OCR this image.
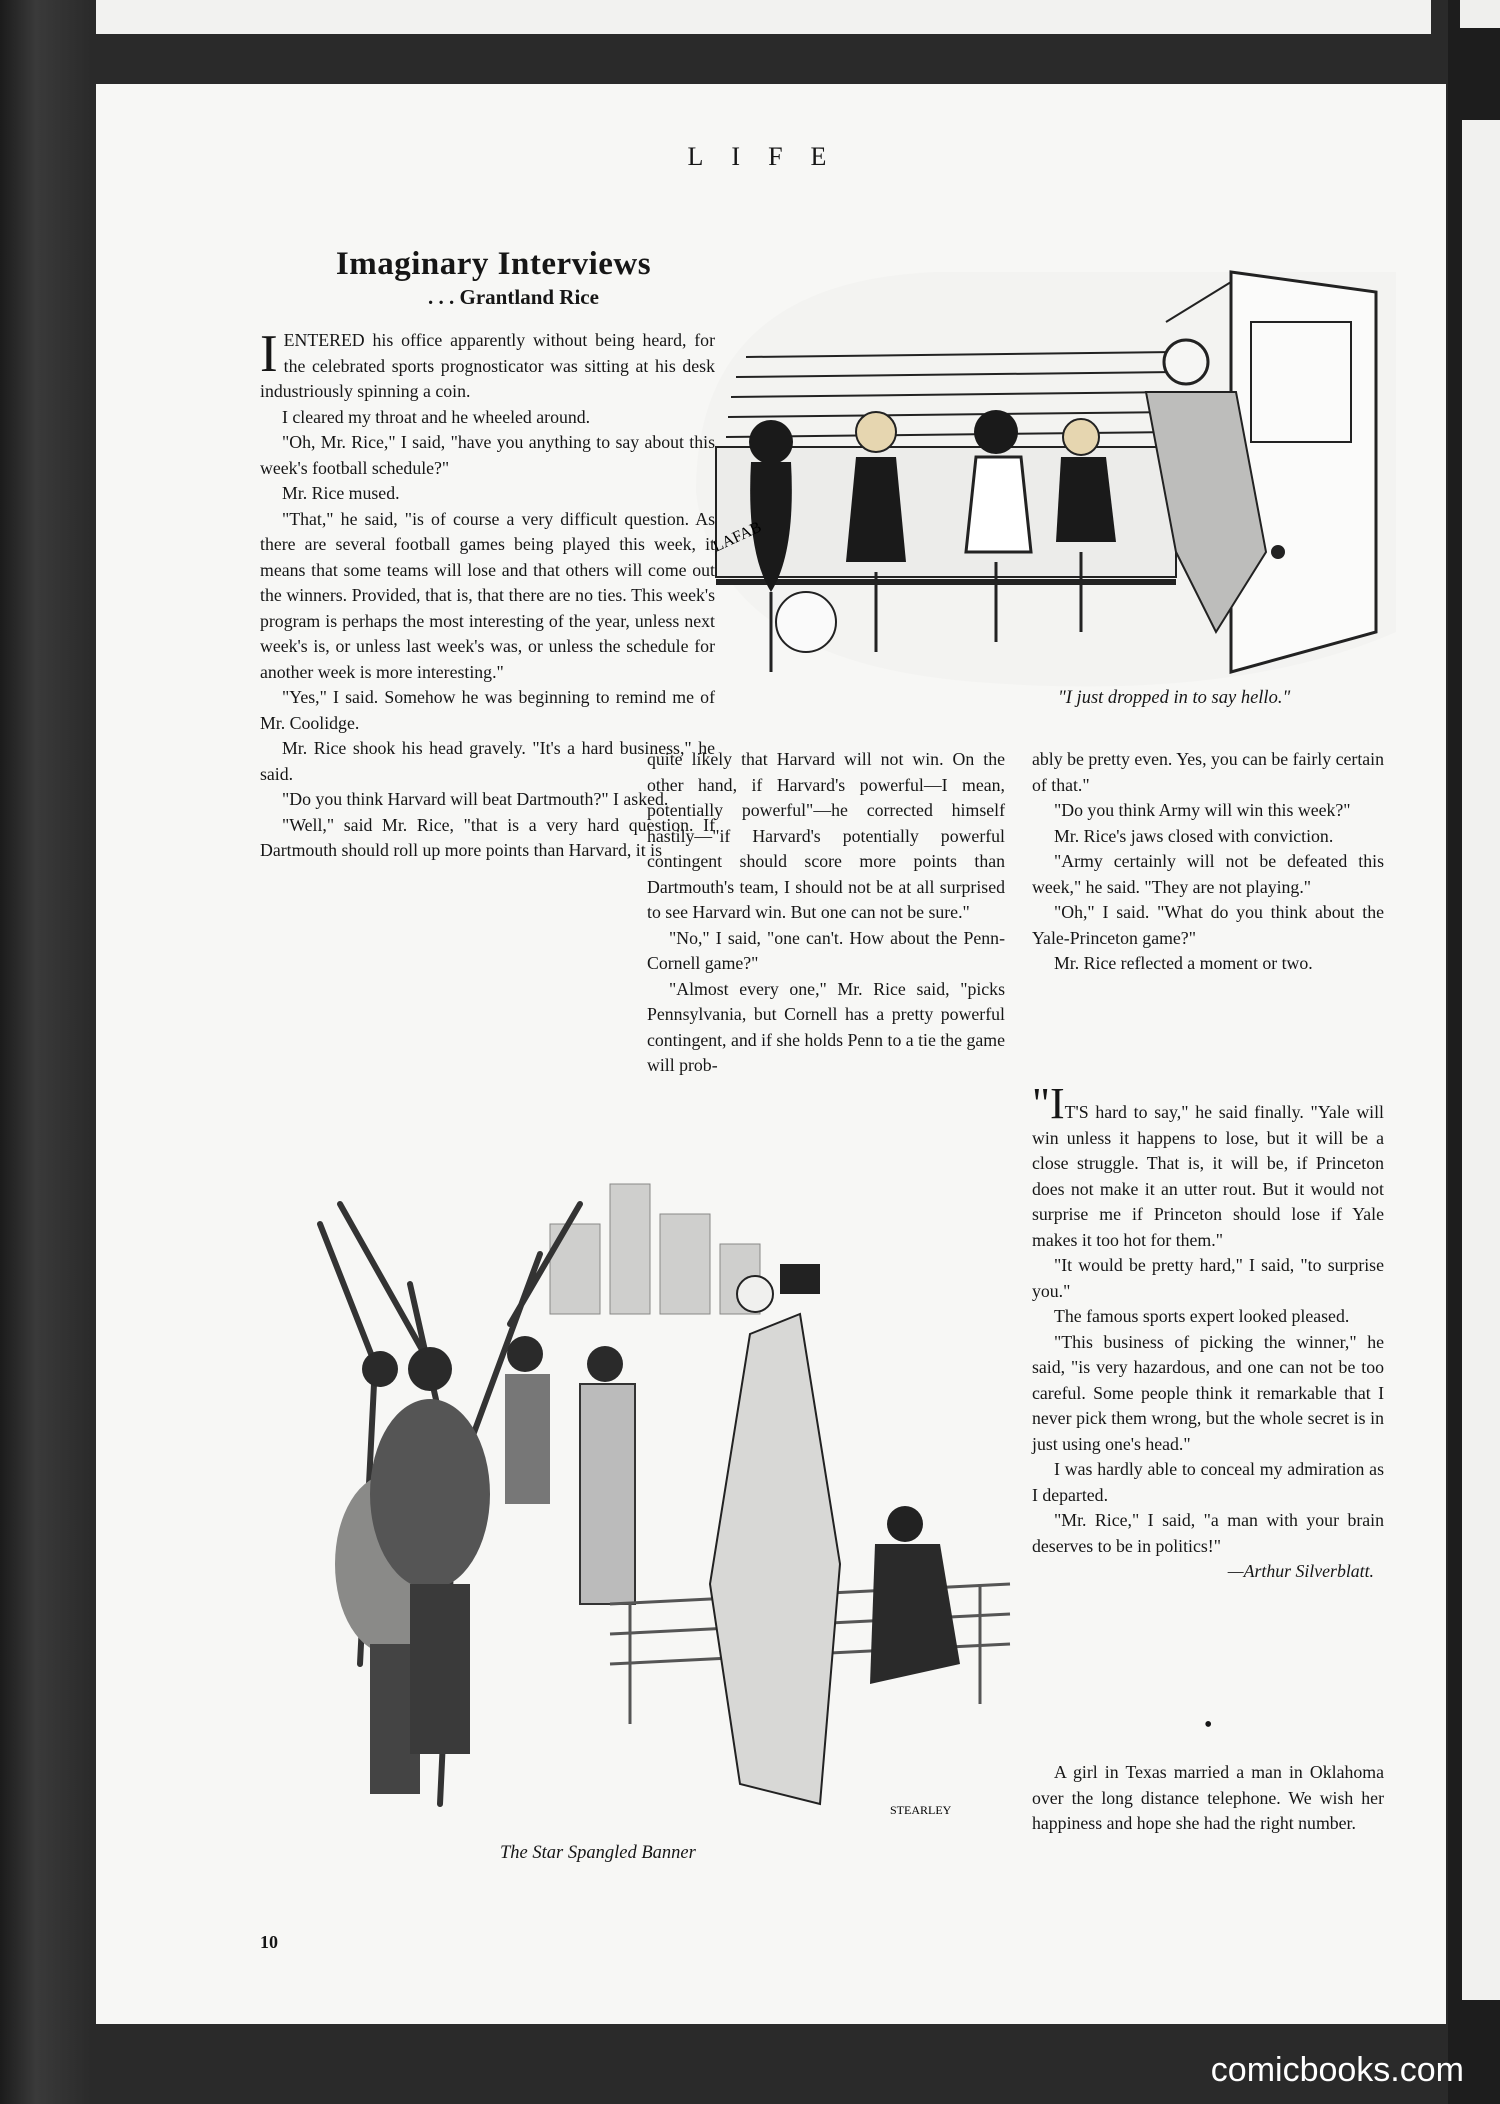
LIFE
Imaginary Interviews
. . . Grantland Rice
LAFAB
"I just dropped in to say hello."

IENTERED his office apparently without being heard, for the celebrated sports prognosticator was sitting at his desk industriously spinning a coin.

I cleared my throat and he wheeled around.

"Oh, Mr. Rice," I said, "have you anything to say about this week's football schedule?"

Mr. Rice mused.

"That," he said, "is of course a very difficult question. As there are several football games being played this week, it means that some teams will lose and that others will come out the winners. Provided, that is, that there are no ties. This week's program is perhaps the most interesting of the year, unless next week's is, or unless last week's was, or unless the schedule for another week is more interesting."

"Yes," I said. Somehow he was beginning to remind me of Mr. Coolidge.

Mr. Rice shook his head gravely. "It's a hard business," he said.

"Do you think Harvard will beat Dartmouth?" I asked.

"Well," said Mr. Rice, "that is a very hard question. If Dartmouth should roll up more points than Harvard, it is

quite likely that Harvard will not win. On the other hand, if Harvard's powerful—I mean, potentially powerful"—he corrected himself hastily—"if Harvard's potentially powerful contingent should score more points than Dartmouth's team, I should not be at all surprised to see Harvard win. But one can not be sure."

"No," I said, "one can't. How about the Penn-Cornell game?"

"Almost every one," Mr. Rice said, "picks Pennsylvania, but Cornell has a pretty powerful contingent, and if she holds Penn to a tie the game will prob-

ably be pretty even. Yes, you can be fairly certain of that."

"Do you think Army will win this week?"

Mr. Rice's jaws closed with conviction.

"Army certainly will not be defeated this week," he said. "They are not playing."

"Oh," I said. "What do you think about the Yale-Princeton game?"

Mr. Rice reflected a moment or two.

"IT'S hard to say," he said finally. "Yale will win unless it happens to lose, but it will be a close struggle. That is, it will be, if Princeton does not make it an utter rout. But it would not surprise me if Princeton should lose if Yale makes it too hot for them."

"It would be pretty hard," I said, "to surprise you."

The famous sports expert looked pleased.

"This business of picking the winner," he said, "is very hazardous, and one can not be too careful. Some people think it remarkable that I never pick them wrong, but the whole secret is in just using one's head."

I was hardly able to conceal my admiration as I departed.

"Mr. Rice," I said, "a man with your brain deserves to be in politics!"

—Arthur Silverblatt.
•

A girl in Texas married a man in Oklahoma over the long distance telephone. We wish her happiness and hope she had the right number.

STEARLEY
The Star Spangled Banner
10
comicbooks.com
